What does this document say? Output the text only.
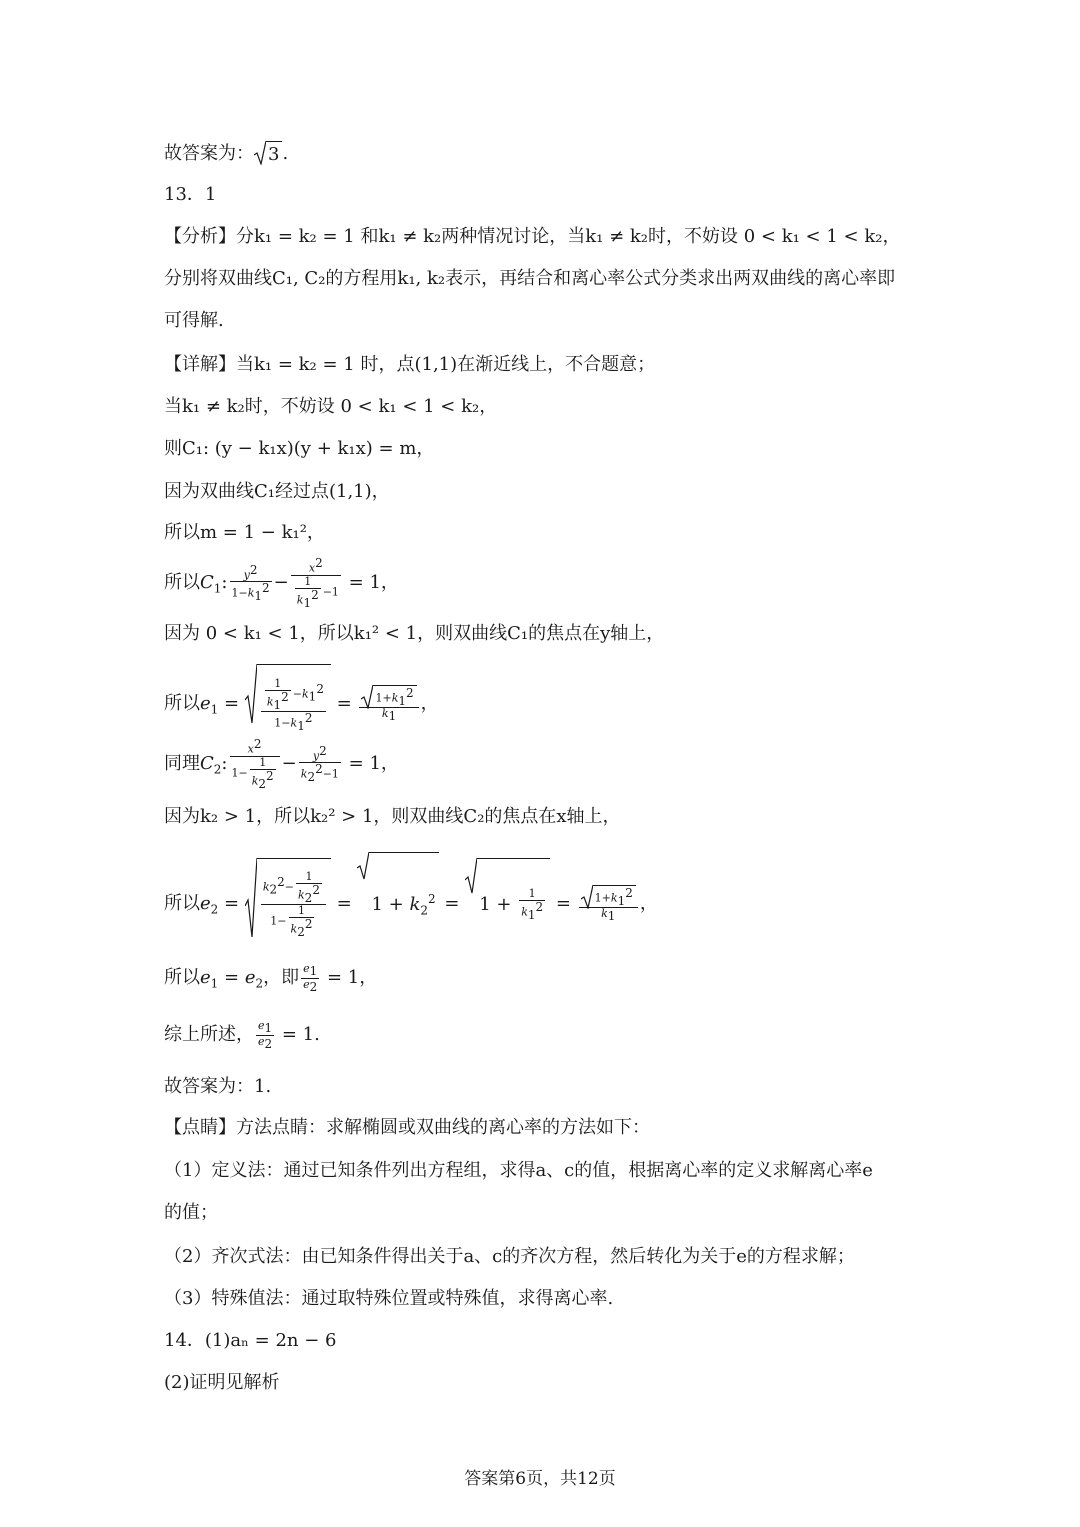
故答案为： 3 .
13．1
【分析】分k₁ = k₂ = 1 和k₁ ≠ k₂两种情况讨论，当k₁ ≠ k₂时，不妨设 0 < k₁ < 1 < k₂，
分别将双曲线C₁, C₂的方程用k₁, k₂表示，再结合和离心率公式分类求出两双曲线的离心率即
可得解.
【详解】当k₁ = k₂ = 1 时，点(1,1)在渐近线上，不合题意；
当k₁ ≠ k₂时，不妨设 0 < k₁ < 1 < k₂，
则C₁: (y − k₁x)(y + k₁x) = m，
因为双曲线C₁经过点(1,1)，
所以m = 1 − k₁²，
所以$C_1$: $\frac{y^2}{1-k_1^2} - \frac{x^2}{\frac{1}{k_1^2} -1} = 1$，
因为 0 < k₁ < 1，所以k₁² < 1，则双曲线C₁的焦点在y轴上，
所以$e_1 = \frac{\frac{1}{k_1^2} -k_1^2}{1-k_1^2} = \frac{1+k_1^2}{k_1}$ ，
同理$C_2$: $\frac{x^2}{1- \frac{1}{k_2^2}} - \frac{y^2}{k_2^2-1} = 1$，
因为k₂ > 1，所以k₂² > 1，则双曲线C₂的焦点在x轴上，
所以$e_2 = \frac{k_2^2- \frac{1}{k_2^2}}{1- \frac{1}{k_2^2}}$ =
$1 + k_2^2$ =
$1 + \frac{1}{k_1^2} = \frac{1+k_1^2}{k_1}$ ，
所以$e_1 = e_2$，即 $\frac{e_1}{e_2} = 1$，
综上所述， $\frac{e_1}{e_2} = 1$.
故答案为：1.
【点睛】方法点睛：求解椭圆或双曲线的离心率的方法如下：
（1）定义法：通过已知条件列出方程组，求得a、c的值，根据离心率的定义求解离心率e
的值；
（2）齐次式法：由已知条件得出关于a、c的齐次方程，然后转化为关于e的方程求解；
（3）特殊值法：通过取特殊位置或特殊值，求得离心率.
14．(1)aₙ = 2n − 6
(2)证明见解析
答案第6页，共12页
